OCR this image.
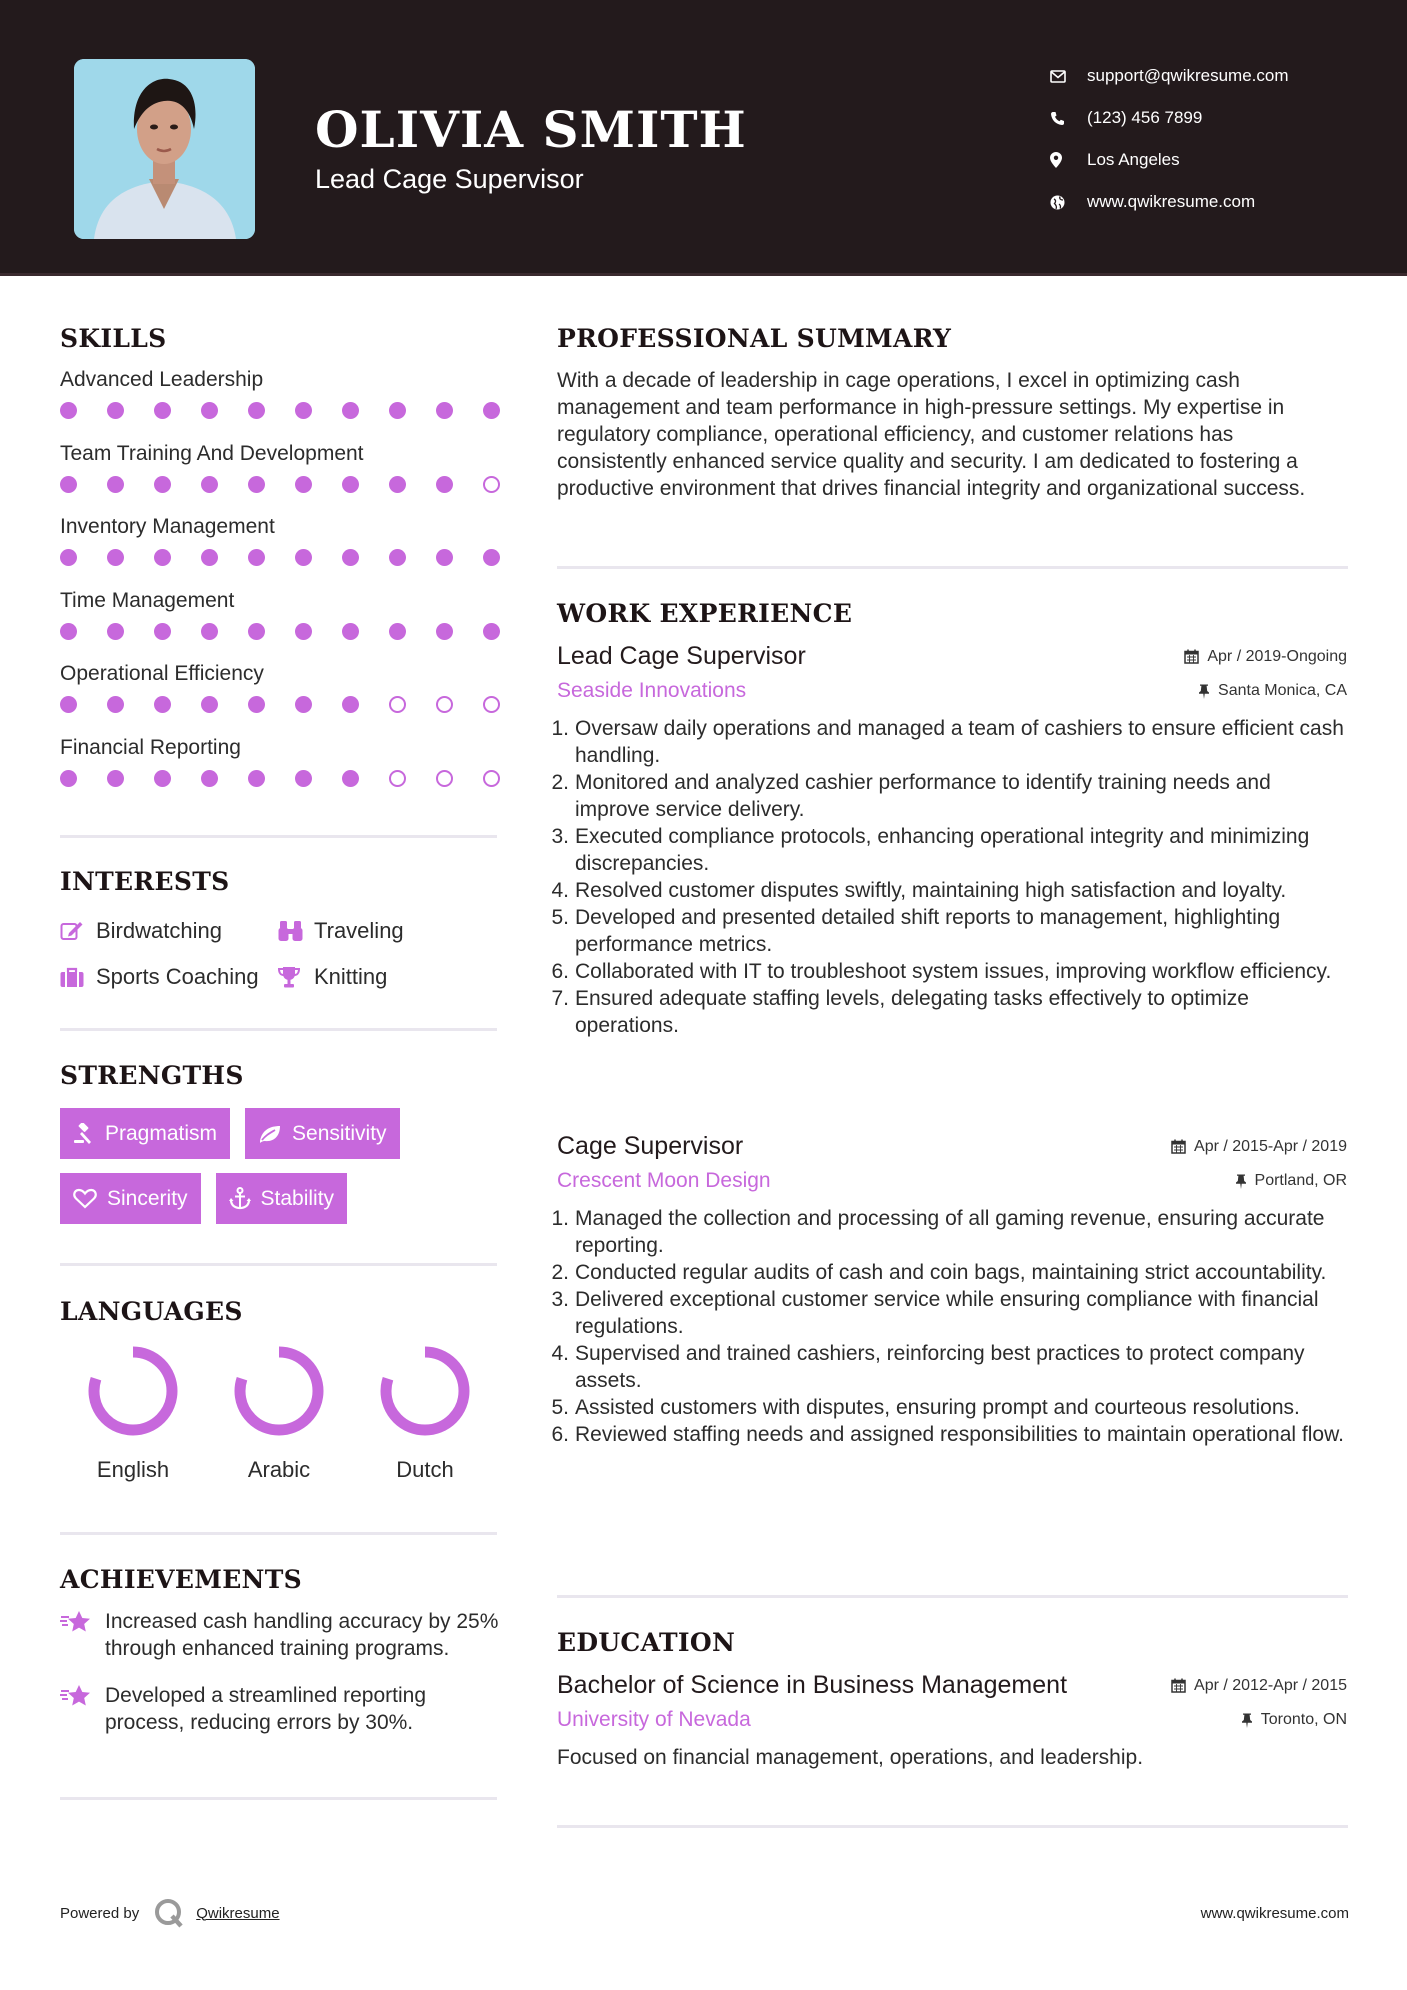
OLIVIA SMITH
Lead Cage Supervisor
support@qwikresume.com
(123) 456 7899
Los Angeles
www.qwikresume.com
SKILLS
Advanced Leadership
Team Training And Development
Inventory Management
Time Management
Operational Efficiency
Financial Reporting
INTERESTS
Birdwatching	Traveling
Sports Coaching	Knitting
STRENGTHS
Pragmatism	Sensitivity
Sincerity	Stability
LANGUAGES
English	Arabic	Dutch
ACHIEVEMENTS
Increased cash handling accuracy by 25% through enhanced training programs.
Developed a streamlined reporting process, reducing errors by 30%.
PROFESSIONAL SUMMARY
With a decade of leadership in cage operations, I excel in optimizing cash management and team performance in high-pressure settings. My expertise in regulatory compliance, operational efficiency, and customer relations has consistently enhanced service quality and security. I am dedicated to fostering a productive environment that drives financial integrity and organizational success.
WORK EXPERIENCE
Lead Cage Supervisor	Apr / 2019-Ongoing
Seaside Innovations	Santa Monica, CA
1. Oversaw daily operations and managed a team of cashiers to ensure efficient cash handling.
2. Monitored and analyzed cashier performance to identify training needs and improve service delivery.
3. Executed compliance protocols, enhancing operational integrity and minimizing discrepancies.
4. Resolved customer disputes swiftly, maintaining high satisfaction and loyalty.
5. Developed and presented detailed shift reports to management, highlighting performance metrics.
6. Collaborated with IT to troubleshoot system issues, improving workflow efficiency.
7. Ensured adequate staffing levels, delegating tasks effectively to optimize operations.
Cage Supervisor	Apr / 2015-Apr / 2019
Crescent Moon Design	Portland, OR
1. Managed the collection and processing of all gaming revenue, ensuring accurate reporting.
2. Conducted regular audits of cash and coin bags, maintaining strict accountability.
3. Delivered exceptional customer service while ensuring compliance with financial regulations.
4. Supervised and trained cashiers, reinforcing best practices to protect company assets.
5. Assisted customers with disputes, ensuring prompt and courteous resolutions.
6. Reviewed staffing needs and assigned responsibilities to maintain operational flow.
EDUCATION
Bachelor of Science in Business Management	Apr / 2012-Apr / 2015
University of Nevada	Toronto, ON
Focused on financial management, operations, and leadership.
Powered by	Qwikresume	www.qwikresume.com
